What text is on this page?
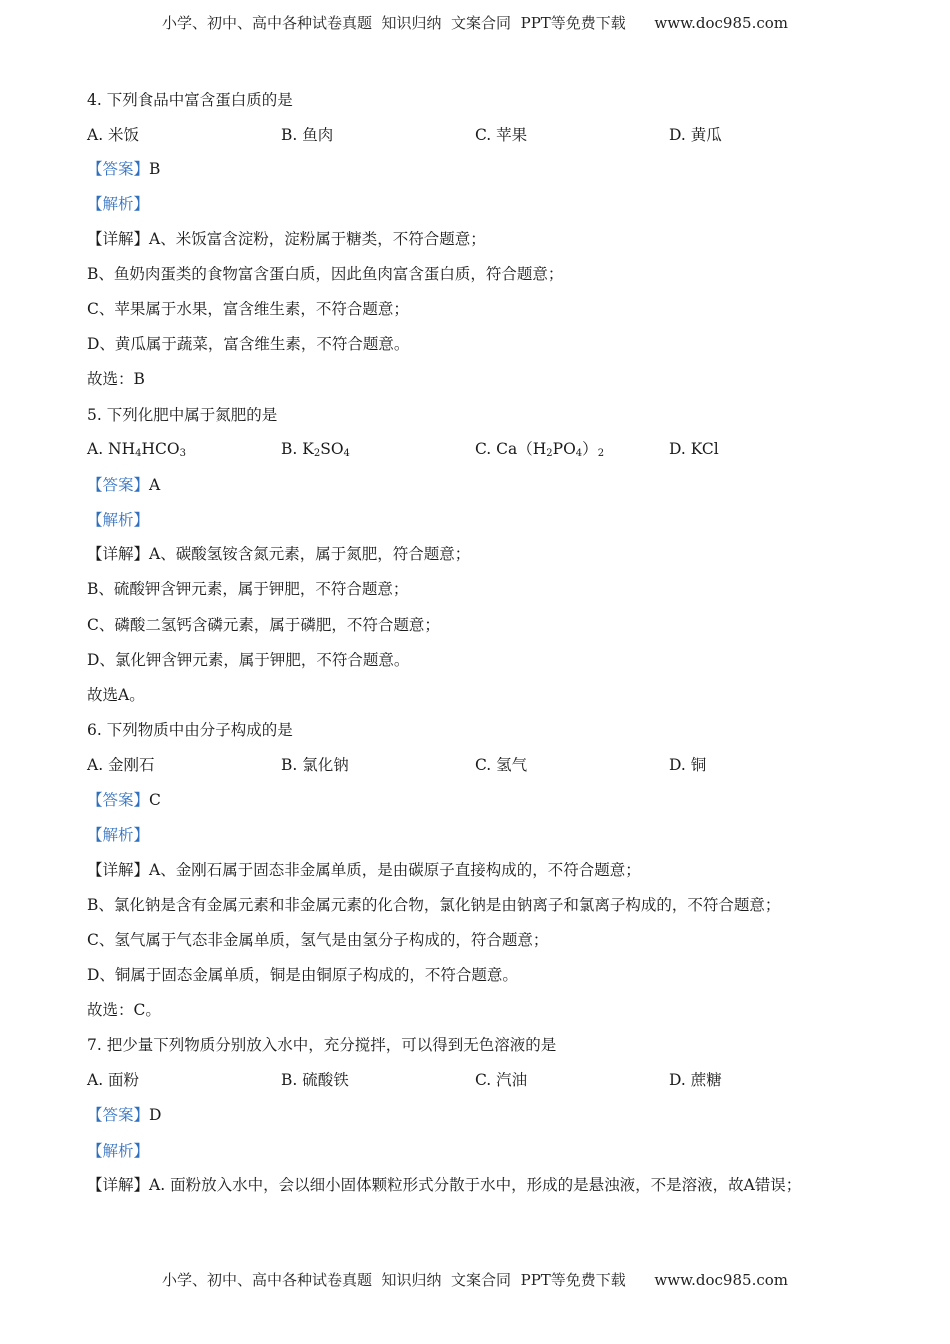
小学、初中、高中各种试卷真题  知识归纳  文案合同  PPT等免费下载      www.doc985.com
4. 下列食品中富含蛋白质的是
A. 米饭	B. 鱼肉	C. 苹果	D. 黄瓜
【答案】B
【解析】
【详解】A、米饭富含淀粉，淀粉属于糖类，不符合题意；
B、鱼奶肉蛋类的食物富含蛋白质，因此鱼肉富含蛋白质，符合题意；
C、苹果属于水果，富含维生素，不符合题意；
D、黄瓜属于蔬菜，富含维生素，不符合题意。
故选：B
5. 下列化肥中属于氮肥的是
A. $NH_4HCO_3$	B. $K_2SO_4$	C. $Ca(H_2PO_4)_2$	D. KCl
【答案】A
【解析】
【详解】A、碳酸氢铵含氮元素，属于氮肥，符合题意；
B、硫酸钾含钾元素，属于钾肥，不符合题意；
C、磷酸二氢钙含磷元素，属于磷肥，不符合题意；
D、氯化钾含钾元素，属于钾肥，不符合题意。
故选A。
6. 下列物质中由分子构成的是
A. 金刚石	B. 氯化钠	C. 氢气	D. 铜
【答案】C
【解析】
【详解】A、金刚石属于固态非金属单质，是由碳原子直接构成的，不符合题意；
B、氯化钠是含有金属元素和非金属元素的化合物，氯化钠是由钠离子和氯离子构成的，不符合题意；
C、氢气属于气态非金属单质，氢气是由氢分子构成的，符合题意；
D、铜属于固态金属单质，铜是由铜原子构成的，不符合题意。
故选：C。
7. 把少量下列物质分别放入水中，充分搅拌，可以得到无色溶液的是
A. 面粉	B. 硫酸铁	C. 汽油	D. 蔗糖
【答案】D
【解析】
【详解】A. 面粉放入水中，会以细小固体颗粒形式分散于水中，形成的是悬浊液，不是溶液，故A错误；
小学、初中、高中各种试卷真题  知识归纳  文案合同  PPT等免费下载      www.doc985.com
